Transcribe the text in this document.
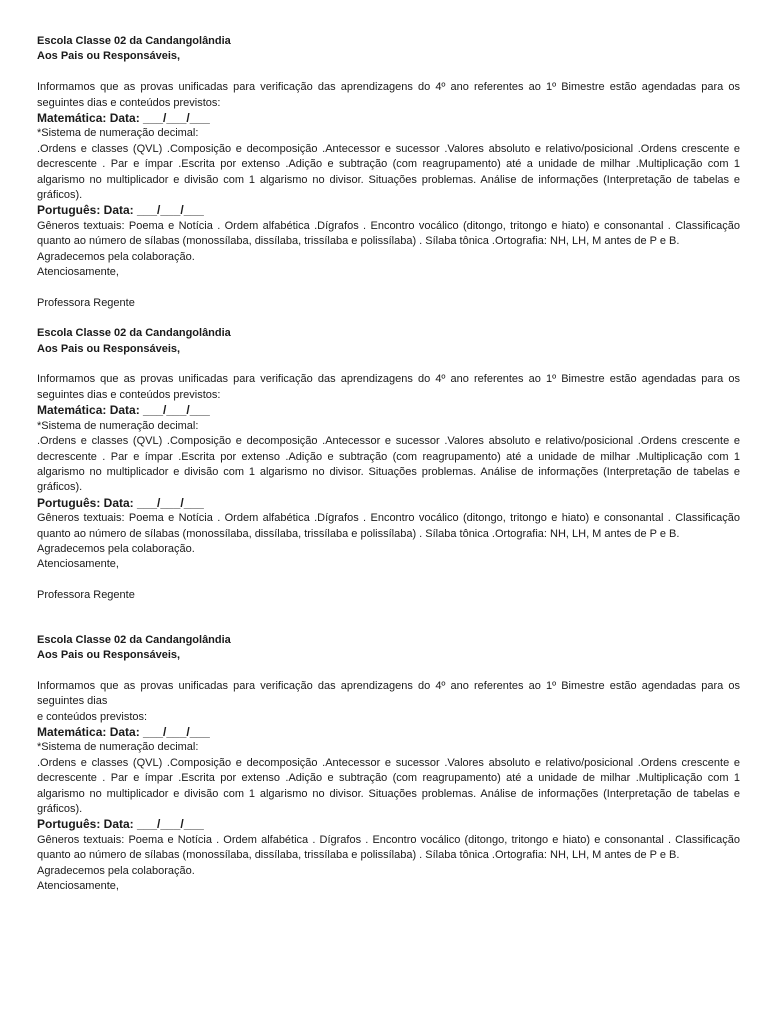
Escola Classe 02 da Candangolândia

Aos Pais ou Responsáveis,

Informamos que as provas unificadas para verificação das aprendizagens do 4º ano referentes ao 1º Bimestre estão agendadas para os seguintes dias e conteúdos previstos:

Matemática: Data: ___/___/___

*Sistema de numeração decimal:

.Ordens e classes (QVL) .Composição e decomposição .Antecessor e sucessor .Valores absoluto e relativo/posicional .Ordens crescente e decrescente . Par e ímpar .Escrita por extenso .Adição e subtração (com reagrupamento) até a unidade de milhar .Multiplicação com 1 algarismo no multiplicador e divisão com 1 algarismo no divisor. Situações problemas. Análise de informações (Interpretação de tabelas e gráficos).

Português: Data: ___/___/___

Gêneros textuais: Poema e Notícia . Ordem alfabética .Dígrafos . Encontro vocálico (ditongo, tritongo e hiato) e consonantal . Classificação quanto ao número de sílabas (monossílaba, dissílaba, trissílaba e polissílaba) . Sílaba tônica .Ortografia: NH, LH, M antes de P e B.

Agradecemos pela colaboração.

Atenciosamente,

Professora Regente

Escola Classe 02 da Candangolândia

Aos Pais ou Responsáveis,

Informamos que as provas unificadas para verificação das aprendizagens do 4º ano referentes ao 1º Bimestre estão agendadas para os seguintes dias e conteúdos previstos:

Matemática: Data: ___/___/___

*Sistema de numeração decimal:

.Ordens e classes (QVL) .Composição e decomposição .Antecessor e sucessor .Valores absoluto e relativo/posicional .Ordens crescente e decrescente . Par e ímpar .Escrita por extenso .Adição e subtração (com reagrupamento) até a unidade de milhar .Multiplicação com 1 algarismo no multiplicador e divisão com 1 algarismo no divisor. Situações problemas. Análise de informações (Interpretação de tabelas e gráficos).

Português: Data: ___/___/___

Gêneros textuais: Poema e Notícia . Ordem alfabética .Dígrafos . Encontro vocálico (ditongo, tritongo e hiato) e consonantal . Classificação quanto ao número de sílabas (monossílaba, dissílaba, trissílaba e polissílaba) . Sílaba tônica .Ortografia: NH, LH, M antes de P e B.

Agradecemos pela colaboração.

Atenciosamente,

Professora Regente

Escola Classe 02 da Candangolândia

Aos Pais ou Responsáveis,

Informamos que as provas unificadas para verificação das aprendizagens do 4º ano referentes ao 1º Bimestre estão agendadas para os seguintes dias

e conteúdos previstos:

Matemática: Data: ___/___/___

*Sistema de numeração decimal:

.Ordens e classes (QVL) .Composição e decomposição .Antecessor e sucessor .Valores absoluto e relativo/posicional .Ordens crescente e decrescente . Par e ímpar .Escrita por extenso .Adição e subtração (com reagrupamento) até a unidade de milhar .Multiplicação com 1 algarismo no multiplicador e divisão com 1 algarismo no divisor. Situações problemas. Análise de informações (Interpretação de tabelas e gráficos).

Português: Data: ___/___/___

Gêneros textuais: Poema e Notícia . Ordem alfabética . Dígrafos . Encontro vocálico (ditongo, tritongo e hiato) e consonantal . Classificação quanto ao número de sílabas (monossílaba, dissílaba, trissílaba e polissílaba) . Sílaba tônica .Ortografia: NH, LH, M antes de P e B.

Agradecemos pela colaboração.

Atenciosamente,
